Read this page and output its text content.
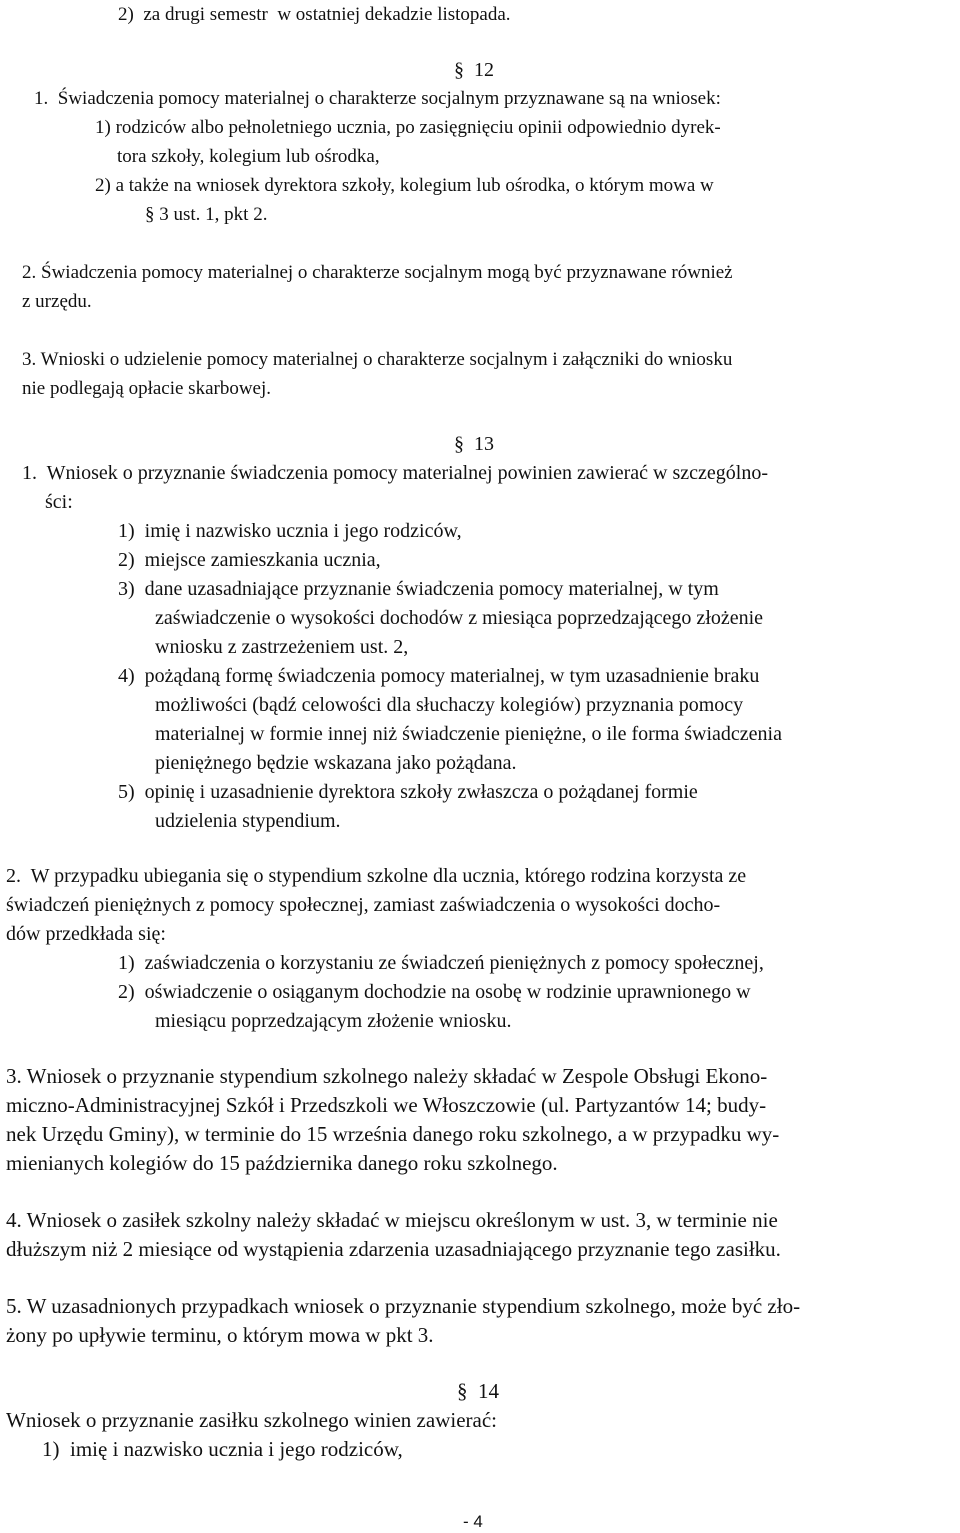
2)  za drugi semestr  w ostatniej dekadzie listopada.

§  12

1.  Świadczenia pomocy materialnej o charakterze socjalnym przyznawane są na wniosek:

1) rodziców albo pełnoletniego ucznia, po zasięgnięciu opinii odpowiednio dyrek-

tora szkoły, kolegium lub ośrodka,

2) a także na wniosek dyrektora szkoły, kolegium lub ośrodka, o którym mowa w

§ 3 ust. 1, pkt 2.

2. Świadczenia pomocy materialnej o charakterze socjalnym mogą być przyznawane również

z urzędu.

3. Wnioski o udzielenie pomocy materialnej o charakterze socjalnym i załączniki do wniosku

nie podlegają opłacie skarbowej.

§  13

1.  Wniosek o przyznanie świadczenia pomocy materialnej powinien zawierać w szczególno-

ści:

1)  imię i nazwisko ucznia i jego rodziców,

2)  miejsce zamieszkania ucznia,

3)  dane uzasadniające przyznanie świadczenia pomocy materialnej, w tym

zaświadczenie o wysokości dochodów z miesiąca poprzedzającego złożenie

wniosku z zastrzeżeniem ust. 2,

4)  pożądaną formę świadczenia pomocy materialnej, w tym uzasadnienie braku

możliwości (bądź celowości dla słuchaczy kolegiów) przyznania pomocy

materialnej w formie innej niż świadczenie pieniężne, o ile forma świadczenia

pieniężnego będzie wskazana jako pożądana.

5)  opinię i uzasadnienie dyrektora szkoły zwłaszcza o pożądanej formie

udzielenia stypendium.

2.  W przypadku ubiegania się o stypendium szkolne dla ucznia, którego rodzina korzysta ze

świadczeń pieniężnych z pomocy społecznej, zamiast zaświadczenia o wysokości docho-

dów przedkłada się:

1)  zaświadczenia o korzystaniu ze świadczeń pieniężnych z pomocy społecznej,

2)  oświadczenie o osiąganym dochodzie na osobę w rodzinie uprawnionego w

miesiącu poprzedzającym złożenie wniosku.

3. Wniosek o przyznanie stypendium szkolnego należy składać w Zespole Obsługi Ekono-

miczno-Administracyjnej Szkół i Przedszkoli we Włoszczowie (ul. Partyzantów 14; budy-

nek Urzędu Gminy), w terminie do 15 września danego roku szkolnego, a w przypadku wy-

mienianych kolegiów do 15 października danego roku szkolnego.

4. Wniosek o zasiłek szkolny należy składać w miejscu określonym w ust. 3, w terminie nie

dłuższym niż 2 miesiące od wystąpienia zdarzenia uzasadniającego przyznanie tego zasiłku.

5. W uzasadnionych przypadkach wniosek o przyznanie stypendium szkolnego, może być zło-

żony po upływie terminu, o którym mowa w pkt 3.

§  14

Wniosek o przyznanie zasiłku szkolnego winien zawierać:

1)  imię i nazwisko ucznia i jego rodziców,

- 4
